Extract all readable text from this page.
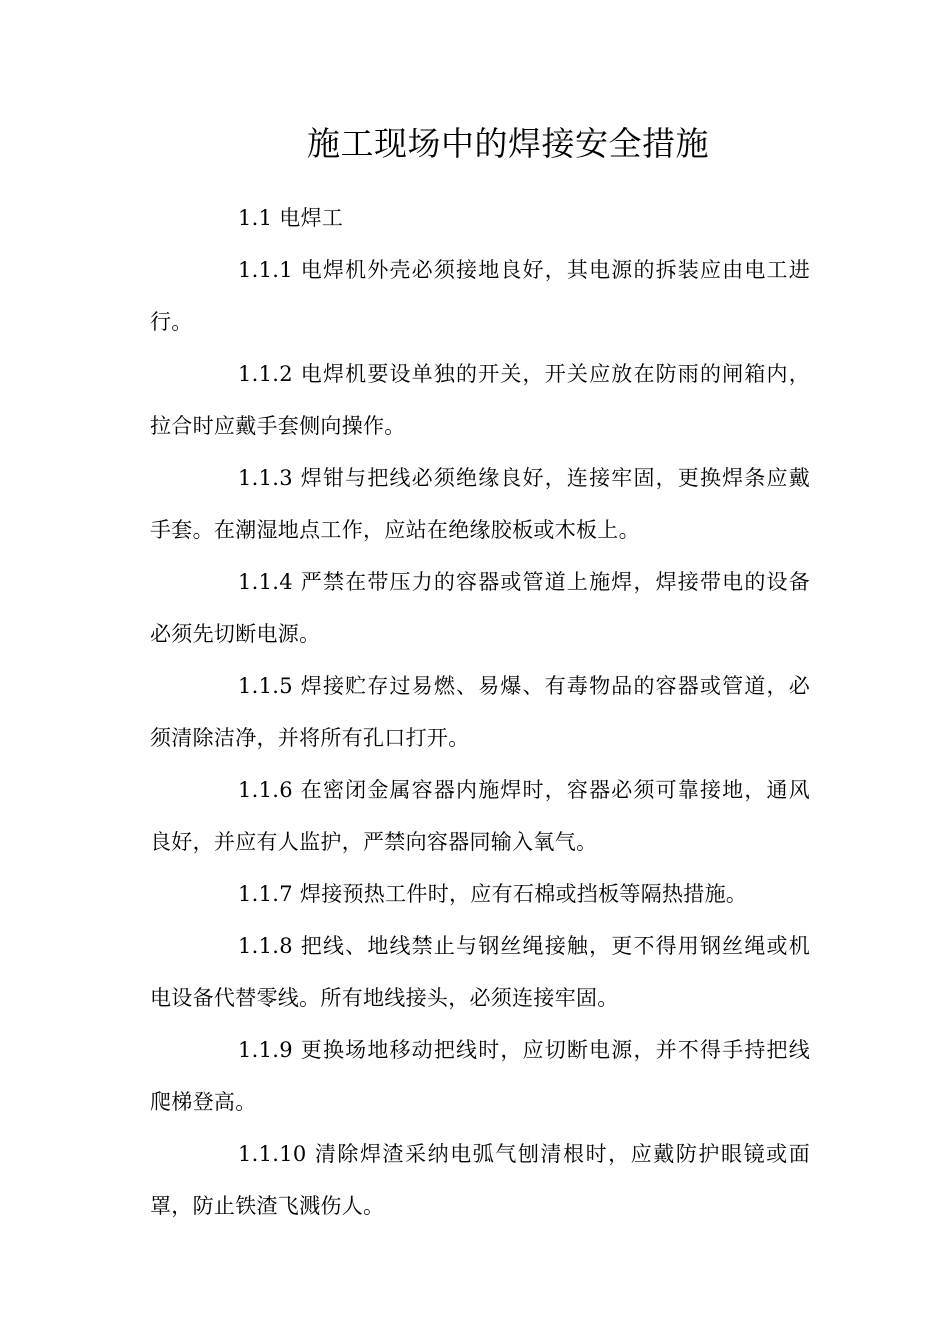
施工现场中的焊接安全措施

1.1 电焊工

1.1.1 电焊机外壳必须接地良好，其电源的拆装应由电工进行。

1.1.2 电焊机要设单独的开关，开关应放在防雨的闸箱内，拉合时应戴手套侧向操作。

1.1.3 焊钳与把线必须绝缘良好，连接牢固，更换焊条应戴手套。在潮湿地点工作，应站在绝缘胶板或木板上。

1.1.4 严禁在带压力的容器或管道上施焊，焊接带电的设备必须先切断电源。

1.1.5 焊接贮存过易燃、易爆、有毒物品的容器或管道，必须清除洁净，并将所有孔口打开。

1.1.6 在密闭金属容器内施焊时，容器必须可靠接地，通风良好，并应有人监护，严禁向容器同输入氧气。

1.1.7 焊接预热工件时，应有石棉或挡板等隔热措施。

1.1.8 把线、地线禁止与钢丝绳接触，更不得用钢丝绳或机电设备代替零线。所有地线接头，必须连接牢固。

1.1.9 更换场地移动把线时，应切断电源，并不得手持把线爬梯登高。

1.1.10 清除焊渣采纳电弧气刨清根时，应戴防护眼镜或面罩，防止铁渣飞溅伤人。
